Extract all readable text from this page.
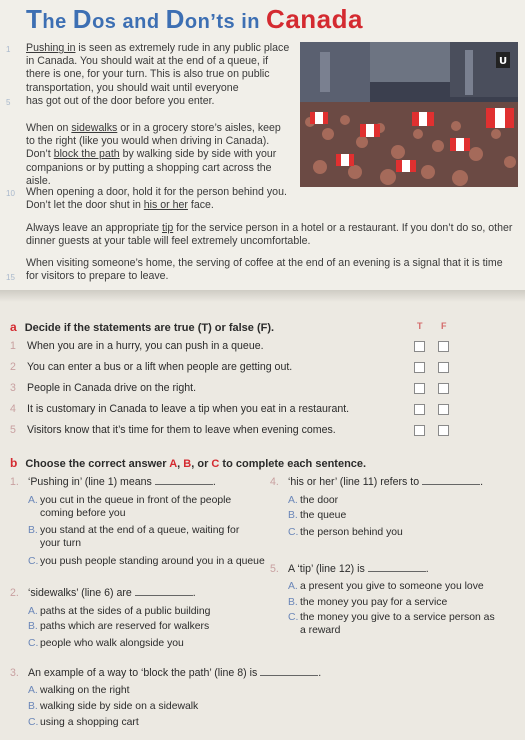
The Dos and Don’ts in Canada
U
Pushing in is seen as extremely rude in any public place
in Canada. You should wait at the end of a queue, if
there is one, for your turn. This is also true on public
transportation, you should wait until everyone
has got out of the door before you enter.
When on sidewalks or in a grocery store’s aisles, keep
to the right (like you would when driving in Canada).
Don’t block the path by walking side by side with your
companions or by putting a shopping cart across the aisle.
When opening a door, hold it for the person behind you.
Don’t let the door shut in his or her face.
Always leave an appropriate tip for the service person in a hotel or a restaurant. If you don’t do so, other
dinner guests at your table will feel extremely uncomfortable.
When visiting someone’s home, the serving of coffee at the end of an evening is a signal that it is time
for visitors to prepare to leave.
1
5
10
15
a Decide if the statements are true (T) or false (F).	T F
1 When you are in a hurry, you can push in a queue.
2 You can enter a bus or a lift when people are getting out.
3 People in Canada drive on the right.
4 It is customary in Canada to leave a tip when you eat in a restaurant.
5 Visitors know that it’s time for them to leave when evening comes.
b Choose the correct answer A, B, or C to complete each sentence.
1. ‘Pushing in’ (line 1) means	.
A. you cut in the queue in front of the people
coming before you
B. you stand at the end of a queue, waiting for
your turn
C. you push people standing around you in a queue
2. ‘sidewalks’ (line 6) are	.
A. paths at the sides of a public building
B. paths which are reserved for walkers
C. people who walk alongside you
3. An example of a way to ‘block the path’ (line 8) is	.
A. walking on the right
B. walking side by side on a sidewalk
C. using a shopping cart
4. ‘his or her’ (line 11) refers to	.
A. the door
B. the queue
C. the person behind you
5. A ‘tip’ (line 12) is	.
A. a present you give to someone you love
B. the money you pay for a service
C. the money you give to a service person as
a reward
